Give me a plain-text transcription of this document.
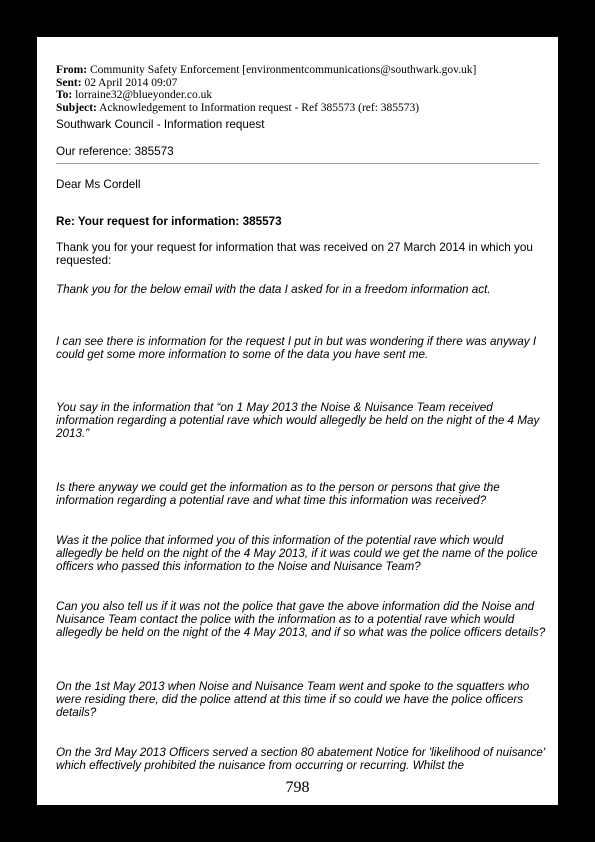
From: Community Safety Enforcement [environmentcommunications@southwark.gov.uk]
Sent: 02 April 2014 09:07
To: lorraine32@blueyonder.co.uk
Subject: Acknowledgement to Information request - Ref 385573 (ref: 385573)
Southwark Council - Information request
Our reference: 385573
Dear Ms Cordell
Re: Your request for information: 385573
Thank you for your request for information that was received on 27 March 2014 in which you requested:
Thank you for the below email with the data I asked for in a freedom information act.
I can see there is information for the request I put in but was wondering if there was anyway I could get some more information to some of the data you have sent me.
You say in the information that “on 1 May 2013 the Noise & Nuisance Team received information regarding a potential rave which would allegedly be held on the night of the 4 May 2013.”
Is there anyway we could get the information as to the person or persons that give the information regarding a potential rave and what time this information was received?
Was it the police that informed you of this information of the potential rave which would allegedly be held on the night of the 4 May 2013, if it was could we get the name of the police officers who passed this information to the Noise and Nuisance Team?
Can you also tell us if it was not the police that gave the above information did the Noise and Nuisance Team contact the police with the information as to a potential rave which would allegedly be held on the night of the 4 May 2013, and if so what was the police officers details?
On the 1st May 2013 when Noise and Nuisance Team went and spoke to the squatters who were residing there, did the police attend at this time if so could we have the police officers details?
On the 3rd May 2013 Officers served a section 80 abatement Notice for 'likelihood of nuisance' which effectively prohibited the nuisance from occurring or recurring. Whilst the
798
